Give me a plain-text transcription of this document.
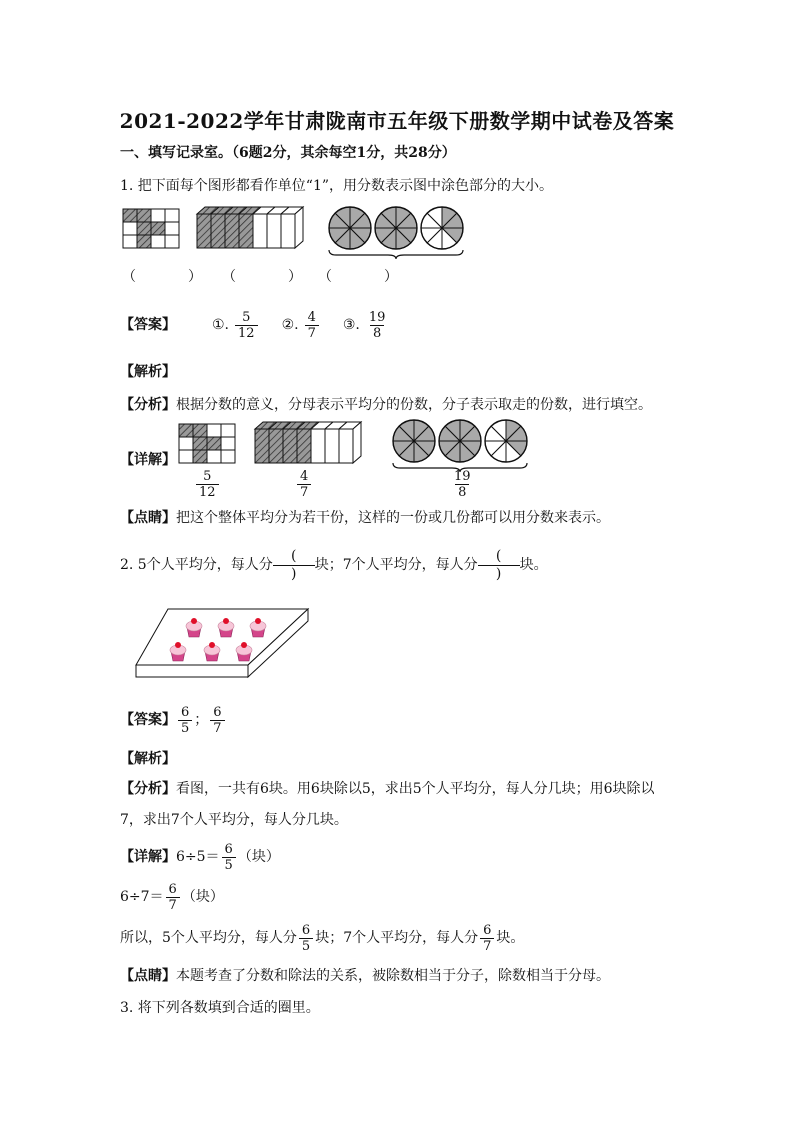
2021-2022学年甘肃陇南市五年级下册数学期中试卷及答案
一、填写记录室。（6题2分，其余每空1分，共28分）
1. 把下面每个图形都看作单位“1”，用分数表示图中涂色部分的大小。
（	） （	） （	）
【答案】	①. $\frac{5}{12}$ ②. $\frac{4}{7}$ ③. $\frac{19}{8}$
【解析】
【分析】根据分数的意义，分母表示平均分的份数，分子表示取走的份数，进行填空。
【详解】
$\frac{5}{12}$	$\frac{4}{7}$	$\frac{19}{8}$
【点睛】把这个整体平均分为若干份，这样的一份或几份都可以用分数来表示。
2. 5个人平均分，每人分
(
)
块；7个人平均分，每人分
(
)
块。
【答案】 $\frac{6}{5}$ ； $\frac{6}{7}$
【解析】
【分析】看图，一共有6块。用6块除以5，求出5个人平均分，每人分几块；用6块除以
7，求出7个人平均分，每人分几块。
【详解】 $6\div 5= \frac{6}{5}$ （块）
$6\div 7= \frac{6}{7}$ （块）
所以，5个人平均分，每人分 $\frac{6}{5}$ 块；7个人平均分，每人分 $\frac{6}{7}$ 块。
【点睛】本题考查了分数和除法的关系，被除数相当于分子，除数相当于分母。
3. 将下列各数填到合适的圈里。
